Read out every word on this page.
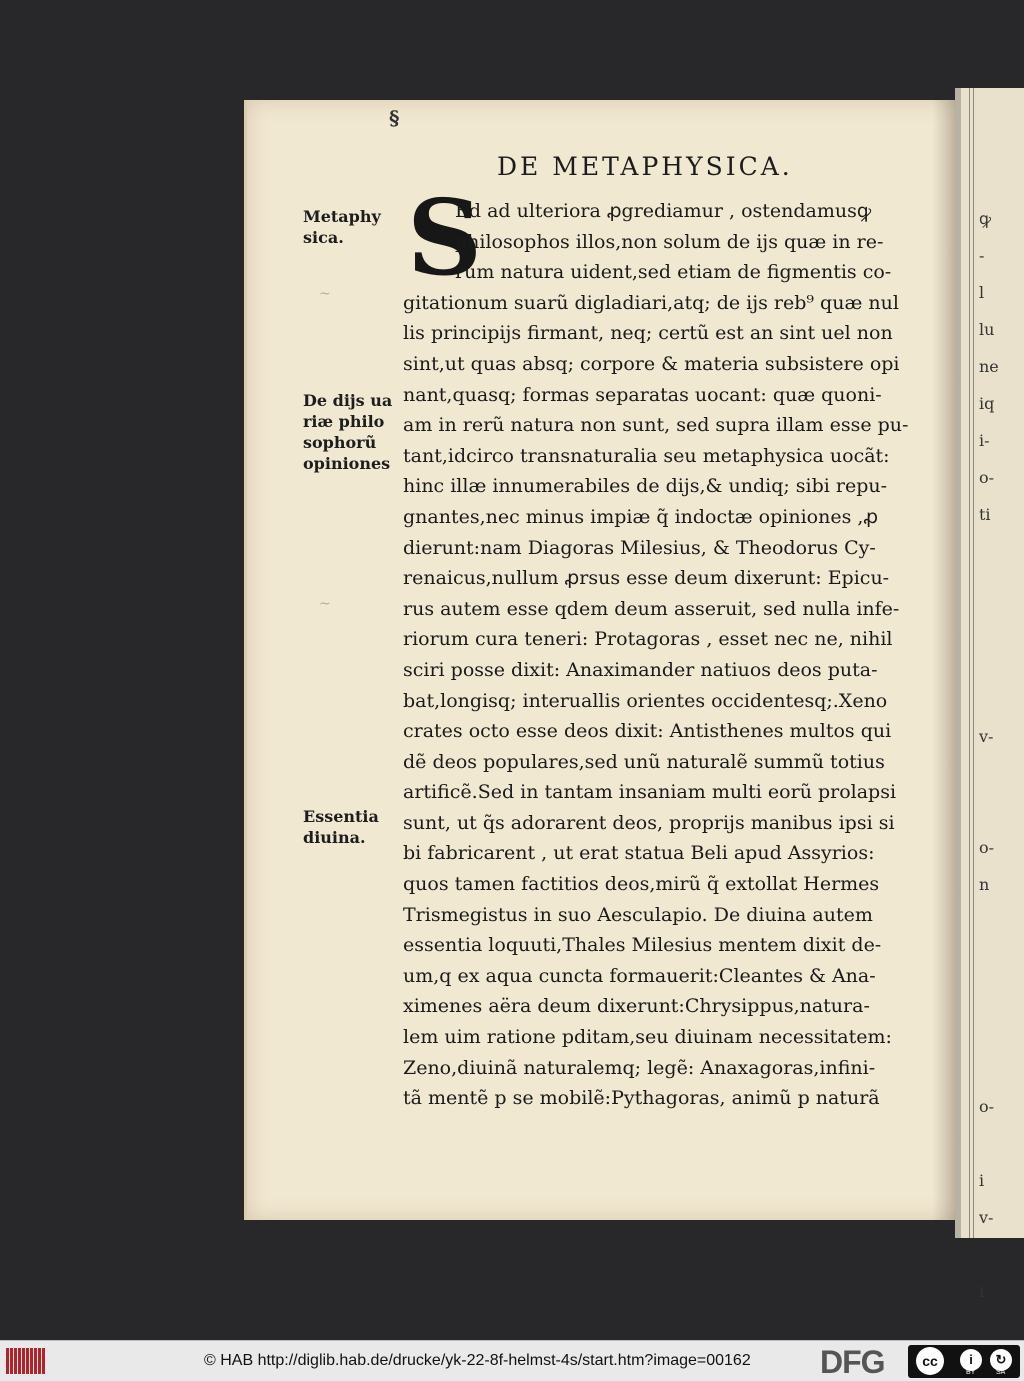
ꝙ
-
l
lu
ne
iq
i-
o-
ti
v-
o-
n
o-
i
v-
i
§
DE METAPHYSICA.
Metaphy sica.
~
De dijs ua riæ philo sophorũ opiniones
~
Essentia diuina.
S
Ed ad ulteriora ꝓgrediamur , ostendamusꝙ
philosophos illos,non solum de ijs quæ in re-
rum natura uident,sed etiam de figmentis co-
gitationum suarũ digladiari,atq; de ijs reb⁹ quæ nul
lis principijs firmant, neq; certũ est an sint uel non
sint,ut quas absq; corpore & materia subsistere opi
nant,quasq; formas separatas uocant: quæ quoni-
am in rerũ natura non sunt, sed supra illam esse pu-
tant,idcirco transnaturalia seu metaphysica uocãt:
hinc illæ innumerabiles de dijs,& undiq; sibi repu-
gnantes,nec minus impiæ q̃ indoctæ opiniones ,ꝓ
dierunt:nam Diagoras Milesius, & Theodorus Cy-
renaicus,nullum ꝓrsus esse deum dixerunt: Epicu-
rus autem esse qdem deum asseruit, sed nulla infe-
riorum cura teneri: Protagoras , esset nec ne, nihil
sciri posse dixit: Anaximander natiuos deos puta-
bat,longisq; interuallis orientes occidentesq;.Xeno
crates octo esse deos dixit: Antisthenes multos qui
dẽ deos populares,sed unũ naturalẽ summũ totius
artificẽ.Sed in tantam insaniam multi eorũ prolapsi
sunt, ut q̃s adorarent deos, proprijs manibus ipsi si
bi fabricarent , ut erat statua Beli apud Assyrios:
quos tamen factitios deos,mirũ q̃ extollat Hermes
Trismegistus in suo Aesculapio. De diuina autem
essentia loquuti,Thales Milesius mentem dixit de-
um,q ex aqua cuncta formauerit:Cleantes & Ana-
ximenes aëra deum dixerunt:Chrysippus,natura-
lem uim ratione pditam,seu diuinam necessitatem:
Zeno,diuinã naturalemq; legẽ: Anaxagoras,infini-
tã mentẽ p se mobilẽ:Pythagoras, animũ p naturã
© HAB http://diglib.hab.de/drucke/yk-22-8f-helmst-4s/start.htm?image=00162 DFG	cc	i	↻
BY	SA
